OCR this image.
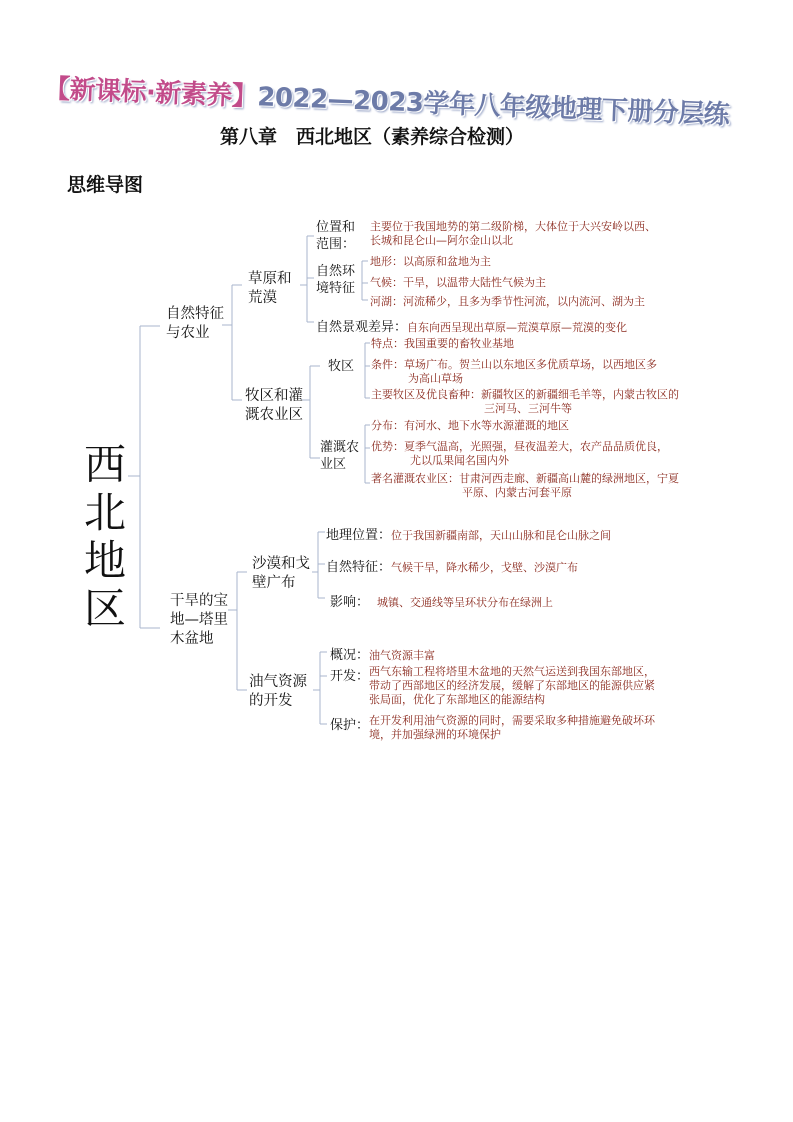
【新课标·新素养】2022—2023学年八年级地理下册分层练
第八章　西北地区（素养综合检测）
思维导图
西
北
地
区
自然特征
与农业
草原和
荒漠
位置和
范围：
主要位于我国地势的第二级阶梯，大体位于大兴安岭以西、
长城和昆仑山—阿尔金山以北
自然环
境特征
地形：以高原和盆地为主
气候：干旱，以温带大陆性气候为主
河湖：河流稀少，且多为季节性河流，以内流河、湖为主
自然景观差异：自东向西呈现出草原—荒漠草原—荒漠的变化
牧区和灌
溉农业区
牧区
特点：我国重要的畜牧业基地
条件：草场广布。贺兰山以东地区多优质草场，以西地区多
为高山草场
主要牧区及优良畜种：新疆牧区的新疆细毛羊等，内蒙古牧区的
三河马、三河牛等
灌溉农
业区
分布：有河水、地下水等水源灌溉的地区
优势：夏季气温高，光照强，昼夜温差大，农产品品质优良，
尤以瓜果闻名国内外
著名灌溉农业区：甘肃河西走廊、新疆高山麓的绿洲地区，宁夏
平原、内蒙古河套平原
干旱的宝
地—塔里
木盆地
沙漠和戈
壁广布
地理位置：位于我国新疆南部，天山山脉和昆仑山脉之间
自然特征：气候干旱，降水稀少，戈壁、沙漠广布
影响： 城镇、交通线等呈环状分布在绿洲上
油气资源
的开发
概况：油气资源丰富
开发： 西气东输工程将塔里木盆地的天然气运送到我国东部地区，
带动了西部地区的经济发展，缓解了东部地区的能源供应紧
张局面，优化了东部地区的能源结构
保护： 在开发利用油气资源的同时，需要采取多种措施避免破坏环
境，并加强绿洲的环境保护
